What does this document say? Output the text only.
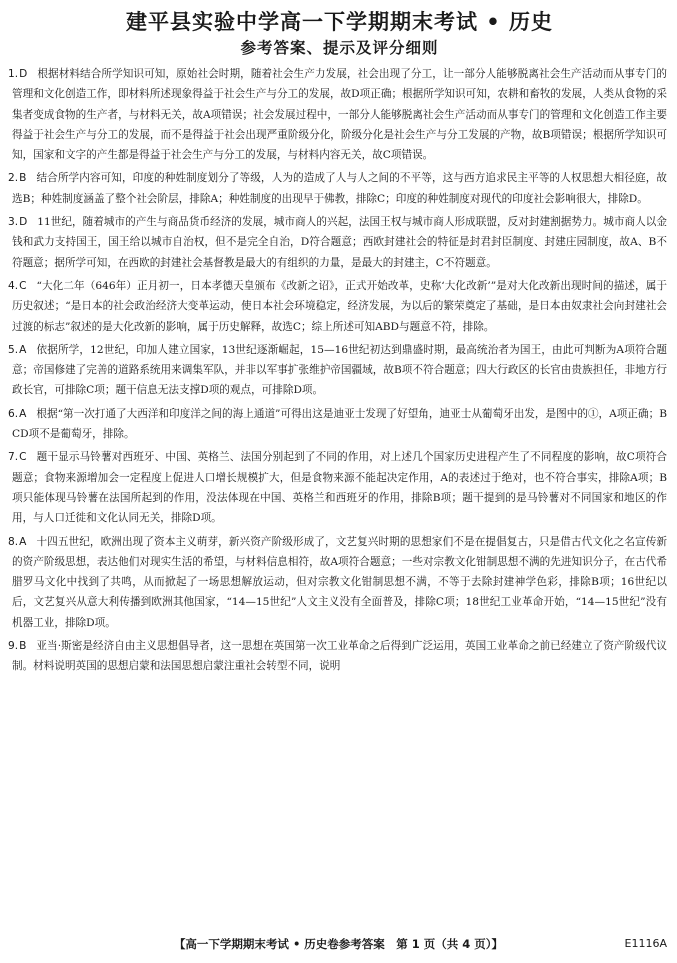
建平县实验中学高一下学期期末考试 • 历史
参考答案、提示及评分细则

1.D 根据材料结合所学知识可知，原始社会时期，随着社会生产力发展，社会出现了分工，让一部分人能够脱离社会生产活动而从事专门的管理和文化创造工作，即材料所述现象得益于社会生产与分工的发展，故D项正确；根据所学知识可知，农耕和畜牧的发展，人类从食物的采集者变成食物的生产者，与材料无关，故A项错误；社会发展过程中，一部分人能够脱离社会生产活动而从事专门的管理和文化创造工作主要得益于社会生产与分工的发展，而不是得益于社会出现严重阶级分化，阶级分化是社会生产与分工发展的产物，故B项错误；根据所学知识可知，国家和文字的产生都是得益于社会生产与分工的发展，与材料内容无关，故C项错误。

2.B 结合所学内容可知，印度的种姓制度划分了等级，人为的造成了人与人之间的不平等，这与西方追求民主平等的人权思想大相径庭，故选B；种姓制度涵盖了整个社会阶层，排除A；种姓制度的出现早于佛教，排除C；印度的种姓制度对现代的印度社会影响很大，排除D。

3.D 11世纪，随着城市的产生与商品货币经济的发展，城市商人的兴起，法国王权与城市商人形成联盟，反对封建割据势力。城市商人以金钱和武力支持国王，国王给以城市自治权，但不是完全自治，D符合题意；西欧封建社会的特征是封君封臣制度、封建庄园制度，故A、B不符题意；据所学可知，在西欧的封建社会基督教是最大的有组织的力量，是最大的封建主，C不符题意。

4.C “大化二年（646年）正月初一，日本孝德天皇颁布《改新之诏》，正式开始改革，史称‘大化改新’”是对大化改新出现时间的描述，属于历史叙述；“是日本的社会政治经济大变革运动，使日本社会环境稳定，经济发展，为以后的繁荣奠定了基础，是日本由奴隶社会向封建社会过渡的标志”叙述的是大化改新的影响，属于历史解释，故选C；综上所述可知ABD与题意不符，排除。

5.A 依据所学，12世纪，印加人建立国家，13世纪逐渐崛起，15—16世纪初达到鼎盛时期，最高统治者为国王，由此可判断为A项符合题意；帝国修建了完善的道路系统用来调集军队，并非以军事扩张维护帝国疆域，故B项不符合题意；四大行政区的长官由贵族担任，非地方行政长官，可排除C项；题干信息无法支撑D项的观点，可排除D项。

6.A 根据“第一次打通了大西洋和印度洋之间的海上通道”可得出这是迪亚士发现了好望角，迪亚士从葡萄牙出发，是图中的①，A项正确；BCD项不是葡萄牙，排除。

7.C 题干显示马铃薯对西班牙、中国、英格兰、法国分别起到了不同的作用，对上述几个国家历史进程产生了不同程度的影响，故C项符合题意；食物来源增加会一定程度上促进人口增长规模扩大，但是食物来源不能起决定作用，A的表述过于绝对，也不符合事实，排除A项；B项只能体现马铃薯在法国所起到的作用，没法体现在中国、英格兰和西班牙的作用，排除B项；题干提到的是马铃薯对不同国家和地区的作用，与人口迁徙和文化认同无关，排除D项。

8.A 十四五世纪，欧洲出现了资本主义萌芽，新兴资产阶级形成了，文艺复兴时期的思想家们不是在提倡复古，只是借古代文化之名宣传新的资产阶级思想，表达他们对现实生活的希望，与材料信息相符，故A项符合题意；一些对宗教文化钳制思想不满的先进知识分子，在古代希腊罗马文化中找到了共鸣，从而掀起了一场思想解放运动，但对宗教文化钳制思想不满，不等于去除封建神学色彩，排除B项；16世纪以后，文艺复兴从意大利传播到欧洲其他国家，“14—15世纪”人文主义没有全面普及，排除C项；18世纪工业革命开始，“14—15世纪”没有机器工业，排除D项。

9.B 亚当·斯密是经济自由主义思想倡导者，这一思想在英国第一次工业革命之后得到广泛运用，英国工业革命之前已经建立了资产阶级代议制。材料说明英国的思想启蒙和法国思想启蒙注重社会转型不同，说明

【高一下学期期末考试 • 历史卷参考答案　第 1 页（共 4 页）】	E1116A
